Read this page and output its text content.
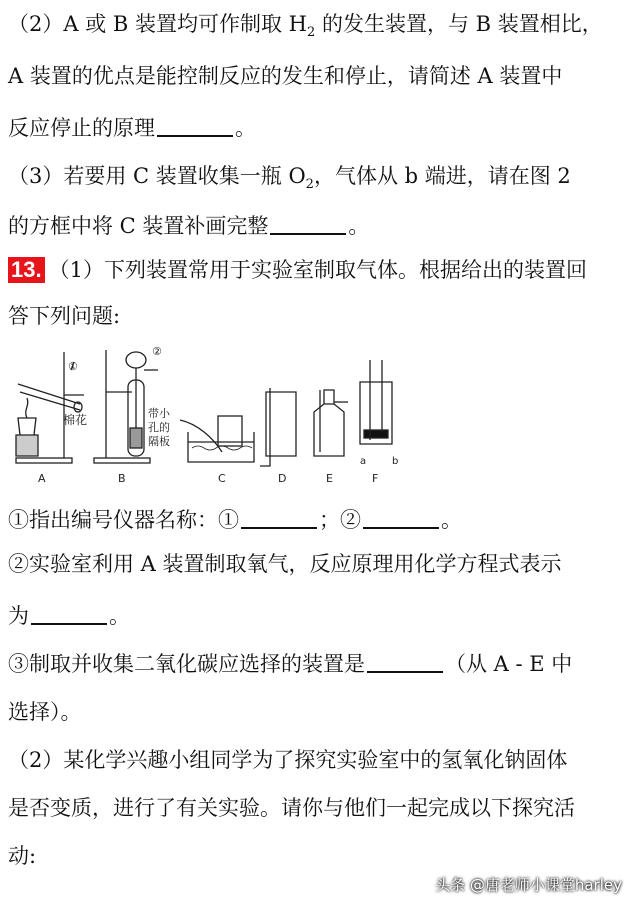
（2）A 或 B 装置均可作制取 $H_2$ 的发生装置，与 B 装置相比，
A 装置的优点是能控制反应的发生和停止，请简述 A 装置中
反应停止的原理	。
（3）若要用 C 装置收集一瓶 $O_2$，气体从 b 端进，请在图 2
的方框中将 C 装置补画完整	。
13. （1）下列装置常用于实验室制取气体。根据给出的装置回
答下列问题:
①
棉花
A
②
带小
孔的
隔板
B	C	D	E
a	b
F
①指出编号仪器名称：①	；②	。
②实验室利用 A 装置制取氧气，反应原理用化学方程式表示
为	。
③制取并收集二氧化碳应选择的装置是	（从 A - E 中
选择）。
（2）某化学兴趣小组同学为了探究实验室中的氢氧化钠固体
是否变质，进行了有关实验。请你与他们一起完成以下探究活
动:
头条 @唐老师小课堂harley
